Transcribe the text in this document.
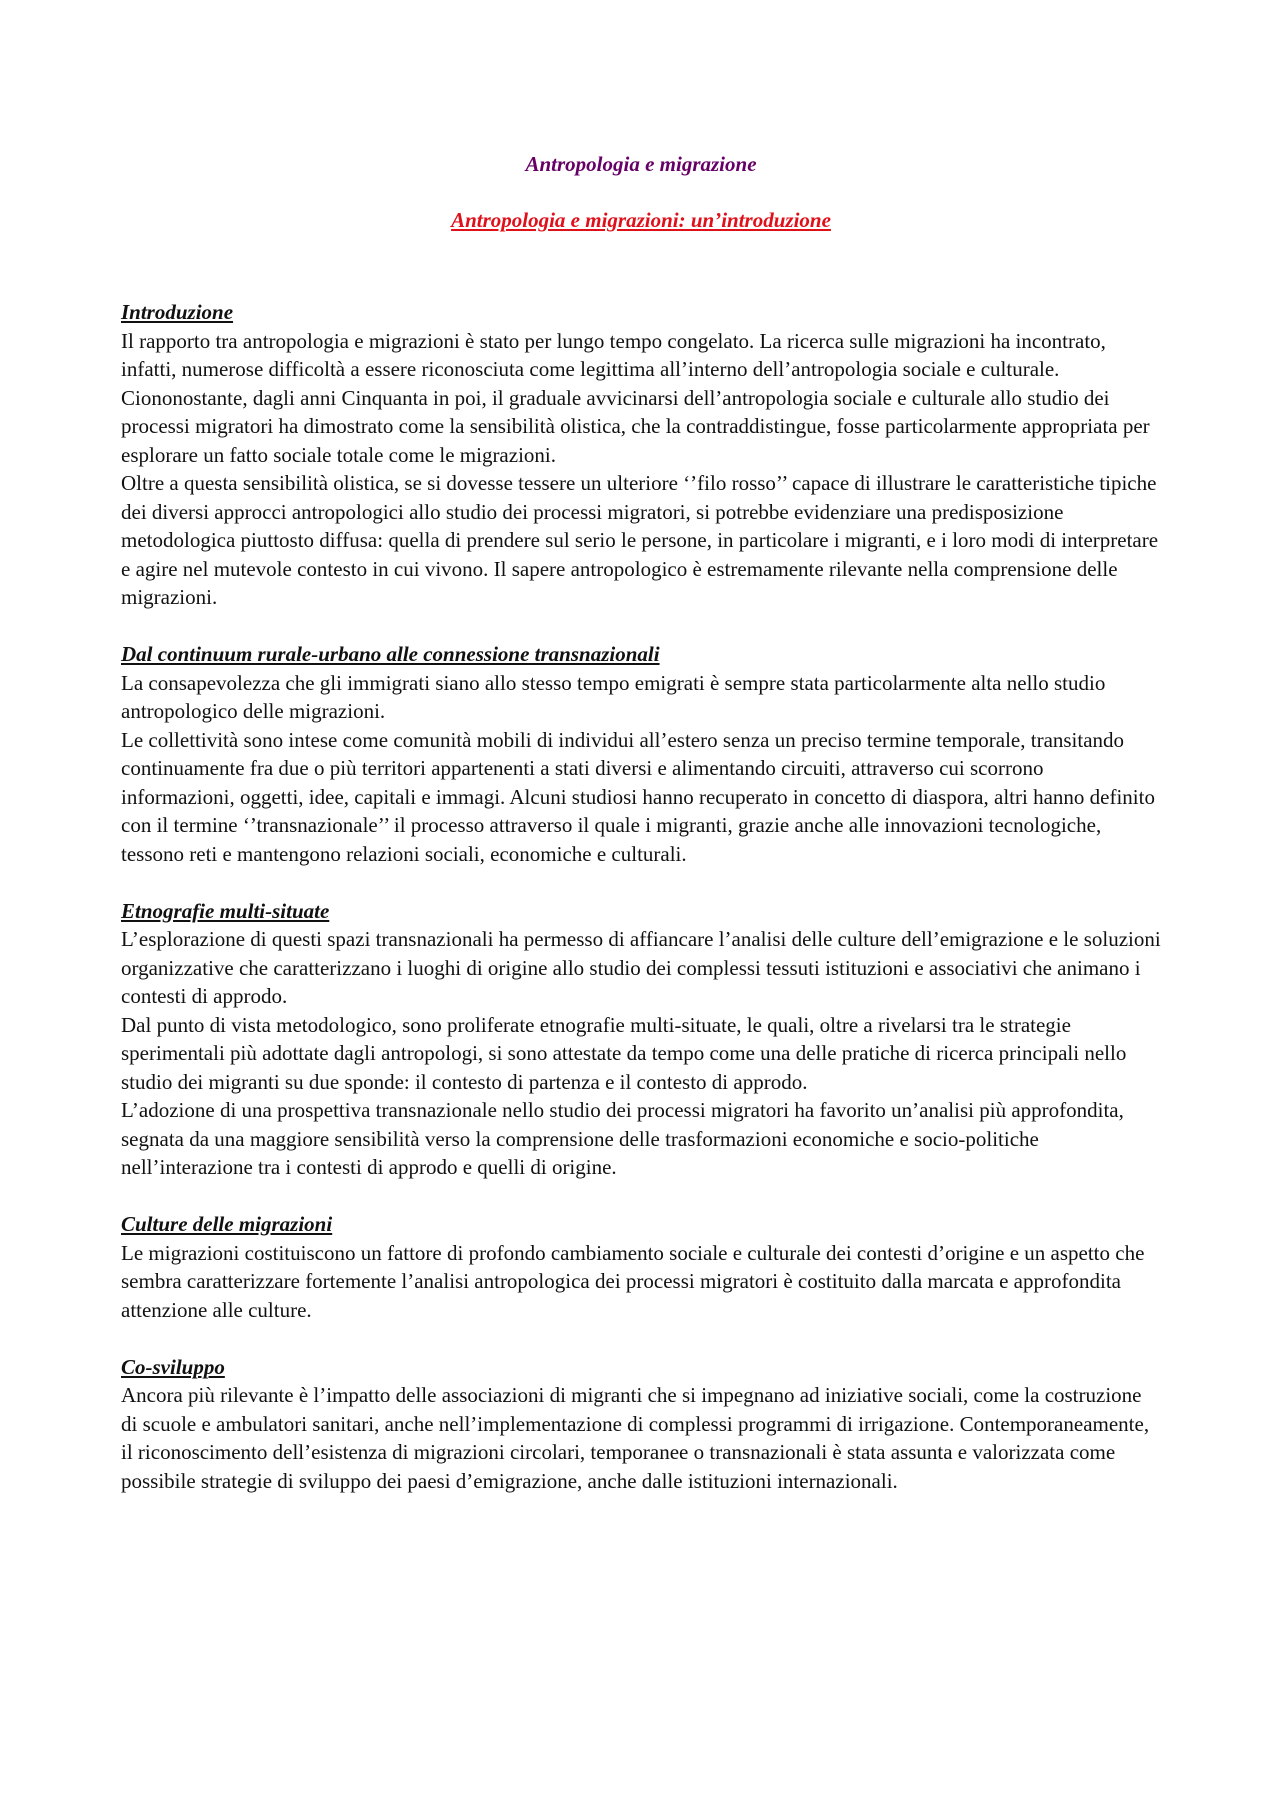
Antropologia e migrazione
Antropologia e migrazioni: un’introduzione
Introduzione

Il rapporto tra antropologia e migrazioni è stato per lungo tempo congelato. La ricerca sulle migrazioni ha incontrato, infatti, numerose difficoltà a essere riconosciuta come legittima all’interno dell’antropologia sociale e culturale. Ciononostante, dagli anni Cinquanta in poi, il graduale avvicinarsi dell’antropologia sociale e culturale allo studio dei processi migratori ha dimostrato come la sensibilità olistica, che la contraddistingue, fosse particolarmente appropriata per esplorare un fatto sociale totale come le migrazioni.

Oltre a questa sensibilità olistica, se si dovesse tessere un ulteriore ‘’filo rosso’’ capace di illustrare le caratteristiche tipiche dei diversi approcci antropologici allo studio dei processi migratori, si potrebbe evidenziare una predisposizione metodologica piuttosto diffusa: quella di prendere sul serio le persone, in particolare i migranti, e i loro modi di interpretare e agire nel mutevole contesto in cui vivono. Il sapere antropologico è estremamente rilevante nella comprensione delle migrazioni.

Dal continuum rurale-urbano alle connessione transnazionali

La consapevolezza che gli immigrati siano allo stesso tempo emigrati è sempre stata particolarmente alta nello studio antropologico delle migrazioni.

Le collettività sono intese come comunità mobili di individui all’estero senza un preciso termine temporale, transitando continuamente fra due o più territori appartenenti a stati diversi e alimentando circuiti, attraverso cui scorrono informazioni, oggetti, idee, capitali e immagi. Alcuni studiosi hanno recuperato in concetto di diaspora, altri hanno definito con il termine ‘’transnazionale’’ il processo attraverso il quale i migranti, grazie anche alle innovazioni tecnologiche, tessono reti e mantengono relazioni sociali, economiche e culturali.

Etnografie multi-situate

L’esplorazione di questi spazi transnazionali ha permesso di affiancare l’analisi delle culture dell’emigrazione e le soluzioni organizzative che caratterizzano i luoghi di origine allo studio dei complessi tessuti istituzioni e associativi che animano i contesti di approdo.

Dal punto di vista metodologico, sono proliferate etnografie multi-situate, le quali, oltre a rivelarsi tra le strategie sperimentali più adottate dagli antropologi, si sono attestate da tempo come una delle pratiche di ricerca principali nello studio dei migranti su due sponde: il contesto di partenza e il contesto di approdo.

L’adozione di una prospettiva transnazionale nello studio dei processi migratori ha favorito un’analisi più approfondita, segnata da una maggiore sensibilità verso la comprensione delle trasformazioni economiche e socio-politiche nell’interazione tra i contesti di approdo e quelli di origine.

Culture delle migrazioni

Le migrazioni costituiscono un fattore di profondo cambiamento sociale e culturale dei contesti d’origine e un aspetto che sembra caratterizzare fortemente l’analisi antropologica dei processi migratori è costituito dalla marcata e approfondita attenzione alle culture.

Co-sviluppo

Ancora più rilevante è l’impatto delle associazioni di migranti che si impegnano ad iniziative sociali, come la costruzione di scuole e ambulatori sanitari, anche nell’implementazione di complessi programmi di irrigazione. Contemporaneamente, il riconoscimento dell’esistenza di migrazioni circolari, temporanee o transnazionali è stata assunta e valorizzata come possibile strategie di sviluppo dei paesi d’emigrazione, anche dalle istituzioni internazionali.
